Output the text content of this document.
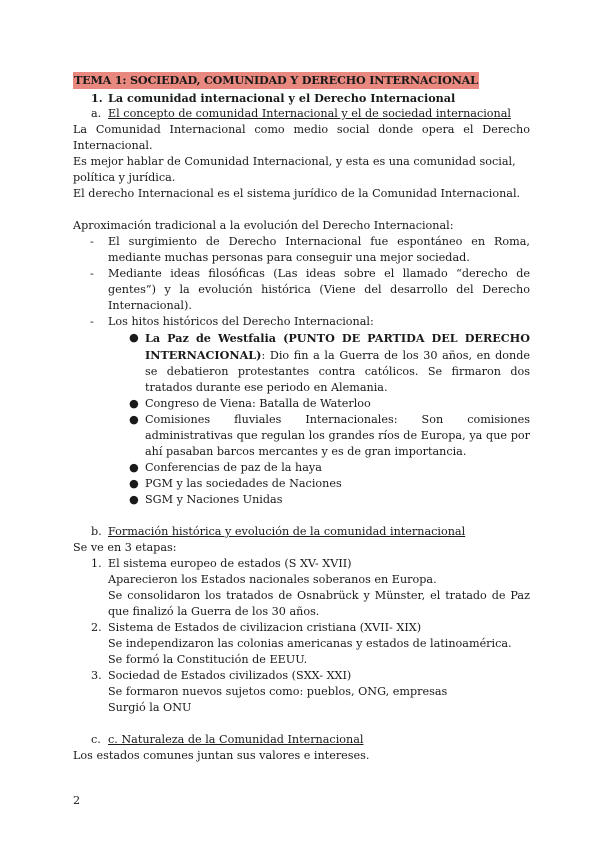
TEMA 1: SOCIEDAD, COMUNIDAD Y DERECHO INTERNACIONAL
1. La comunidad internacional y el Derecho Internacional
a. El concepto de comunidad Internacional y el de sociedad internacional

La Comunidad Internacional como medio social donde opera el Derecho Internacional.

Es mejor hablar de Comunidad Internacional, y esta es una comunidad social, política y jurídica.

El derecho Internacional es el sistema jurídico de la Comunidad Internacional.

Aproximación tradicional a la evolución del Derecho Internacional:

- El surgimiento de Derecho Internacional fue espontáneo en Roma, mediante muchas personas para conseguir una mejor sociedad.
- Mediante ideas filosóficas (Las ideas sobre el llamado “derecho de gentes”) y la evolución histórica (Viene del desarrollo del Derecho Internacional).
- Los hitos históricos del Derecho Internacional:
● La Paz de Westfalia (PUNTO DE PARTIDA DEL DERECHO INTERNACIONAL): Dio fin a la Guerra de los 30 años, en donde se debatieron protestantes contra católicos. Se firmaron dos tratados durante ese periodo en Alemania.
● Congreso de Viena: Batalla de Waterloo
● Comisiones fluviales Internacionales: Son comisiones administrativas que regulan los grandes ríos de Europa, ya que por ahí pasaban barcos mercantes y es de gran importancia.
● Conferencias de paz de la haya
● PGM y las sociedades de Naciones
● SGM y Naciones Unidas
b. Formación histórica y evolución de la comunidad internacional

Se ve en 3 etapas:

1. El sistema europeo de estados (S XV- XVII)
Aparecieron los Estados nacionales soberanos en Europa.
Se consolidaron los tratados de Osnabrück y Münster, el tratado de Paz que finalizó la Guerra de los 30 años.
2. Sistema de Estados de civilizacion cristiana (XVII- XIX)
Se independizaron las colonias americanas y estados de latinoamérica.
Se formó la Constitución de EEUU.
3. Sociedad de Estados civilizados (SXX- XXI)
Se formaron nuevos sujetos como: pueblos, ONG, empresas
Surgió la ONU
c. c. Naturaleza de la Comunidad Internacional

Los estados comunes juntan sus valores e intereses.

2
